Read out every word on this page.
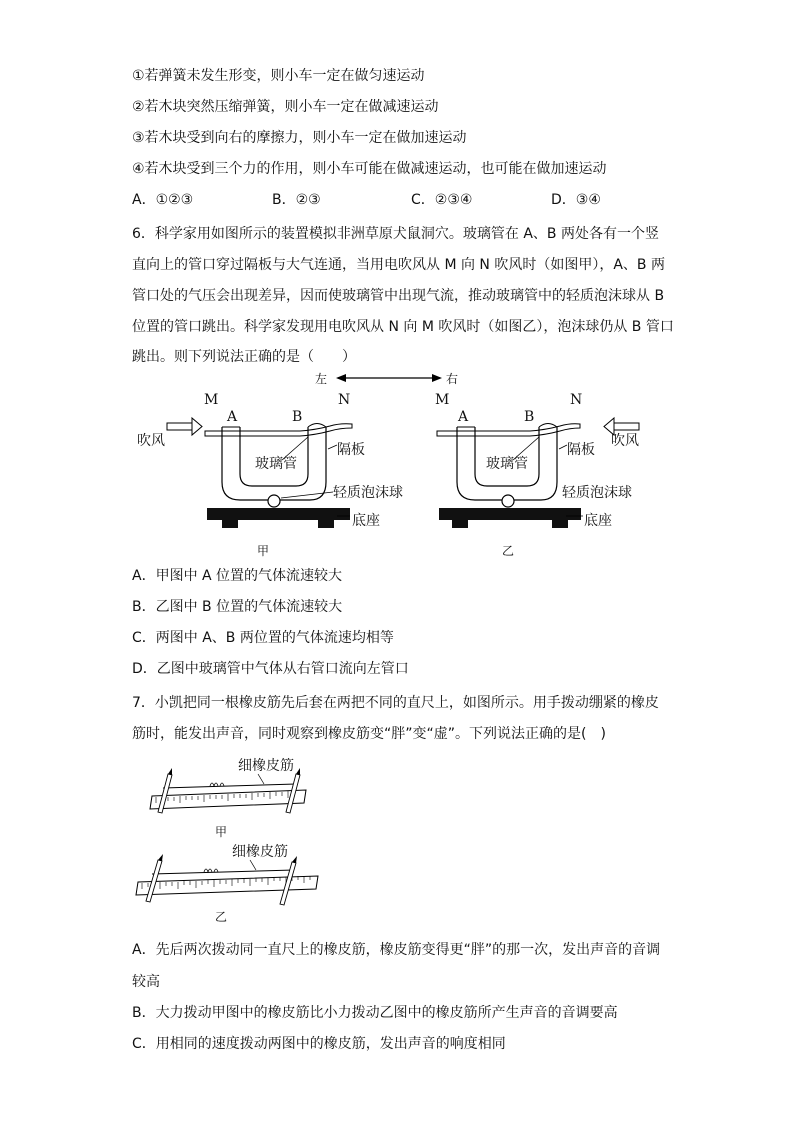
①若弹簧未发生形变，则小车一定在做匀速运动
②若木块突然压缩弹簧，则小车一定在做减速运动
③若木块受到向右的摩擦力，则小车一定在做加速运动
④若木块受到三个力的作用，则小车可能在做减速运动，也可能在做加速运动
A．①②③	B．②③	C．②③④	D．③④
6．科学家用如图所示的装置模拟非洲草原犬鼠洞穴。玻璃管在 A、B 两处各有一个竖
直向上的管口穿过隔板与大气连通，当用电吹风从 M 向 N 吹风时（如图甲），A、B 两
管口处的气压会出现差异，因而使玻璃管中出现气流，推动玻璃管中的轻质泡沫球从 B
位置的管口跳出。科学家发现用电吹风从 N 向 M 吹风时（如图乙），泡沫球仍从 B 管口
跳出。则下列说法正确的是（　　）
左	右
M
A	B
N
吹风
隔板
玻璃管
轻质泡沫球
底座
甲
M
A	B
N
隔板
吹风
玻璃管
轻质泡沫球
底座
乙
A．甲图中 A 位置的气体流速较大
B．乙图中 B 位置的气体流速较大
C．两图中 A、B 两位置的气体流速均相等
D．乙图中玻璃管中气体从右管口流向左管口
7．小凯把同一根橡皮筋先后套在两把不同的直尺上，如图所示。用手拨动绷紧的橡皮
筋时，能发出声音，同时观察到橡皮筋变“胖”变“虚”。下列说法正确的是(　)
细橡皮筋
甲
细橡皮筋
乙
A．先后两次拨动同一直尺上的橡皮筋，橡皮筋变得更“胖”的那一次，发出声音的音调
较高
B．大力拨动甲图中的橡皮筋比小力拨动乙图中的橡皮筋所产生声音的音调要高
C．用相同的速度拨动两图中的橡皮筋，发出声音的响度相同
